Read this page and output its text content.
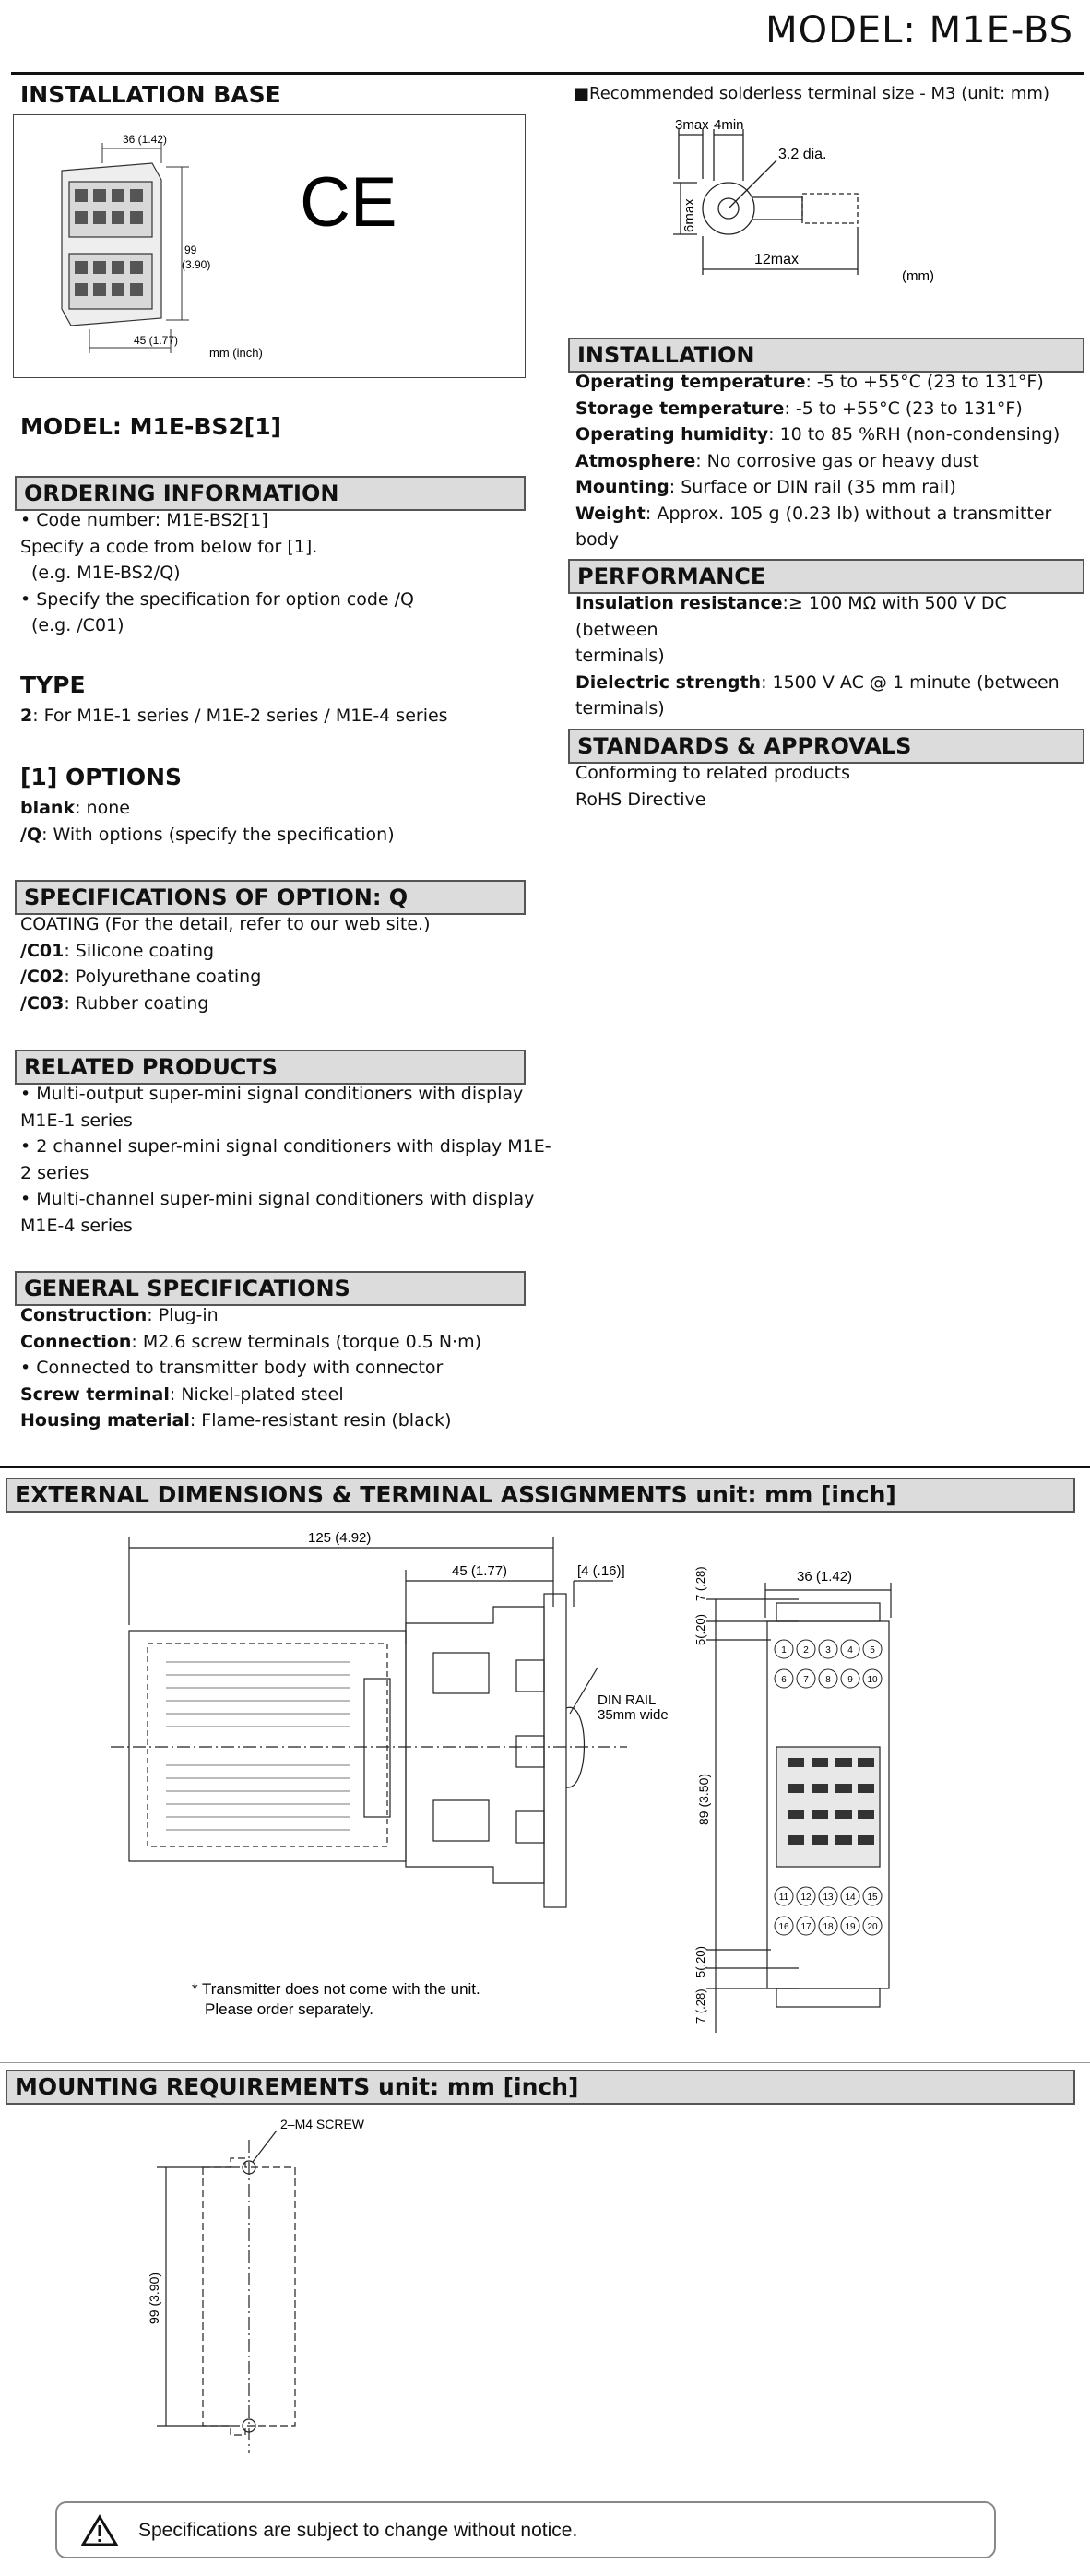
MODEL: M1E-BS
INSTALLATION BASE
36 (1.42)
99
(3.90)
45 (1.77)
mm (inch)
CE
■Recommended solderless terminal size - M3 (unit: mm)
3max 4min
3.2 dia.
6max
12max
(mm)
MODEL: M1E-BS2[1]
ORDERING INFORMATION
• Code number: M1E-BS2[1]
Specify a code from below for [1].
(e.g. M1E-BS2/Q)
• Specify the specification for option code /Q
(e.g. /C01)
TYPE
2: For M1E-1 series / M1E-2 series / M1E-4 series
[1] OPTIONS
blank: none
/Q: With options (specify the specification)
SPECIFICATIONS OF OPTION: Q
COATING (For the detail, refer to our web site.)
/C01: Silicone coating
/C02: Polyurethane coating
/C03: Rubber coating
RELATED PRODUCTS
• Multi-output super-mini signal conditioners with display
M1E-1 series
• 2 channel super-mini signal conditioners with display M1E-
2 series
• Multi-channel super-mini signal conditioners with display
M1E-4 series
GENERAL SPECIFICATIONS
Construction: Plug-in
Connection: M2.6 screw terminals (torque 0.5 N·m)
• Connected to transmitter body with connector
Screw terminal: Nickel-plated steel
Housing material: Flame-resistant resin (black)
INSTALLATION
Operating temperature: -5 to +55°C (23 to 131°F)
Storage temperature: -5 to +55°C (23 to 131°F)
Operating humidity: 10 to 85 %RH (non-condensing)
Atmosphere: No corrosive gas or heavy dust
Mounting: Surface or DIN rail (35 mm rail)
Weight: Approx. 105 g (0.23 lb) without a transmitter body
PERFORMANCE
Insulation resistance:≥ 100 MΩ with 500 V DC (between
terminals)
Dielectric strength: 1500 V AC @ 1 minute (between
terminals)
STANDARDS & APPROVALS
Conforming to related products
RoHS Directive
EXTERNAL DIMENSIONS & TERMINAL ASSIGNMENTS unit: mm [inch]
125 (4.92)
45 (1.77)	[4 (.16)]
DIN RAIL
35mm wide
* Transmitter does not come with the unit.
Please order separately.
1 2 3 4 5
6 7 8 9 10
11 12 13 14 15
16 17 18 19 20
36 (1.42)
7 (.28)
5(.20)
89 (3.50)
5(.20)
7 (.28)
MOUNTING REQUIREMENTS unit: mm [inch]
2–M4 SCREW
99 (3.90)
Specifications are subject to change without notice.
